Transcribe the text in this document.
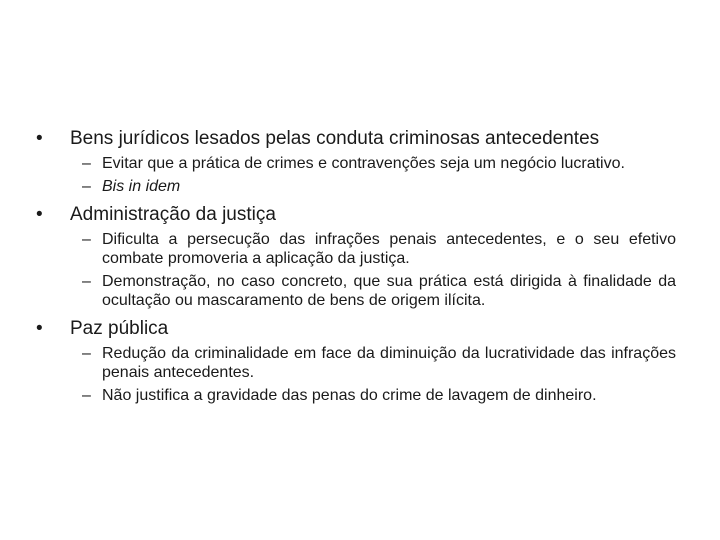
•	Bens jurídicos lesados pelas conduta criminosas antecedentes
– Evitar que a prática de crimes e contravenções seja um negócio lucrativo.
– Bis in idem
•	Administração da justiça
– Dificulta a persecução das infrações penais antecedentes, e o seu efetivo combate promoveria a aplicação da justiça.
– Demonstração, no caso concreto, que sua prática está dirigida à finalidade da ocultação ou mascaramento de bens de origem ilícita.
•	Paz pública
– Redução da criminalidade em face da diminuição da lucratividade das infrações penais antecedentes.
– Não justifica a gravidade das penas do crime de lavagem de dinheiro.
